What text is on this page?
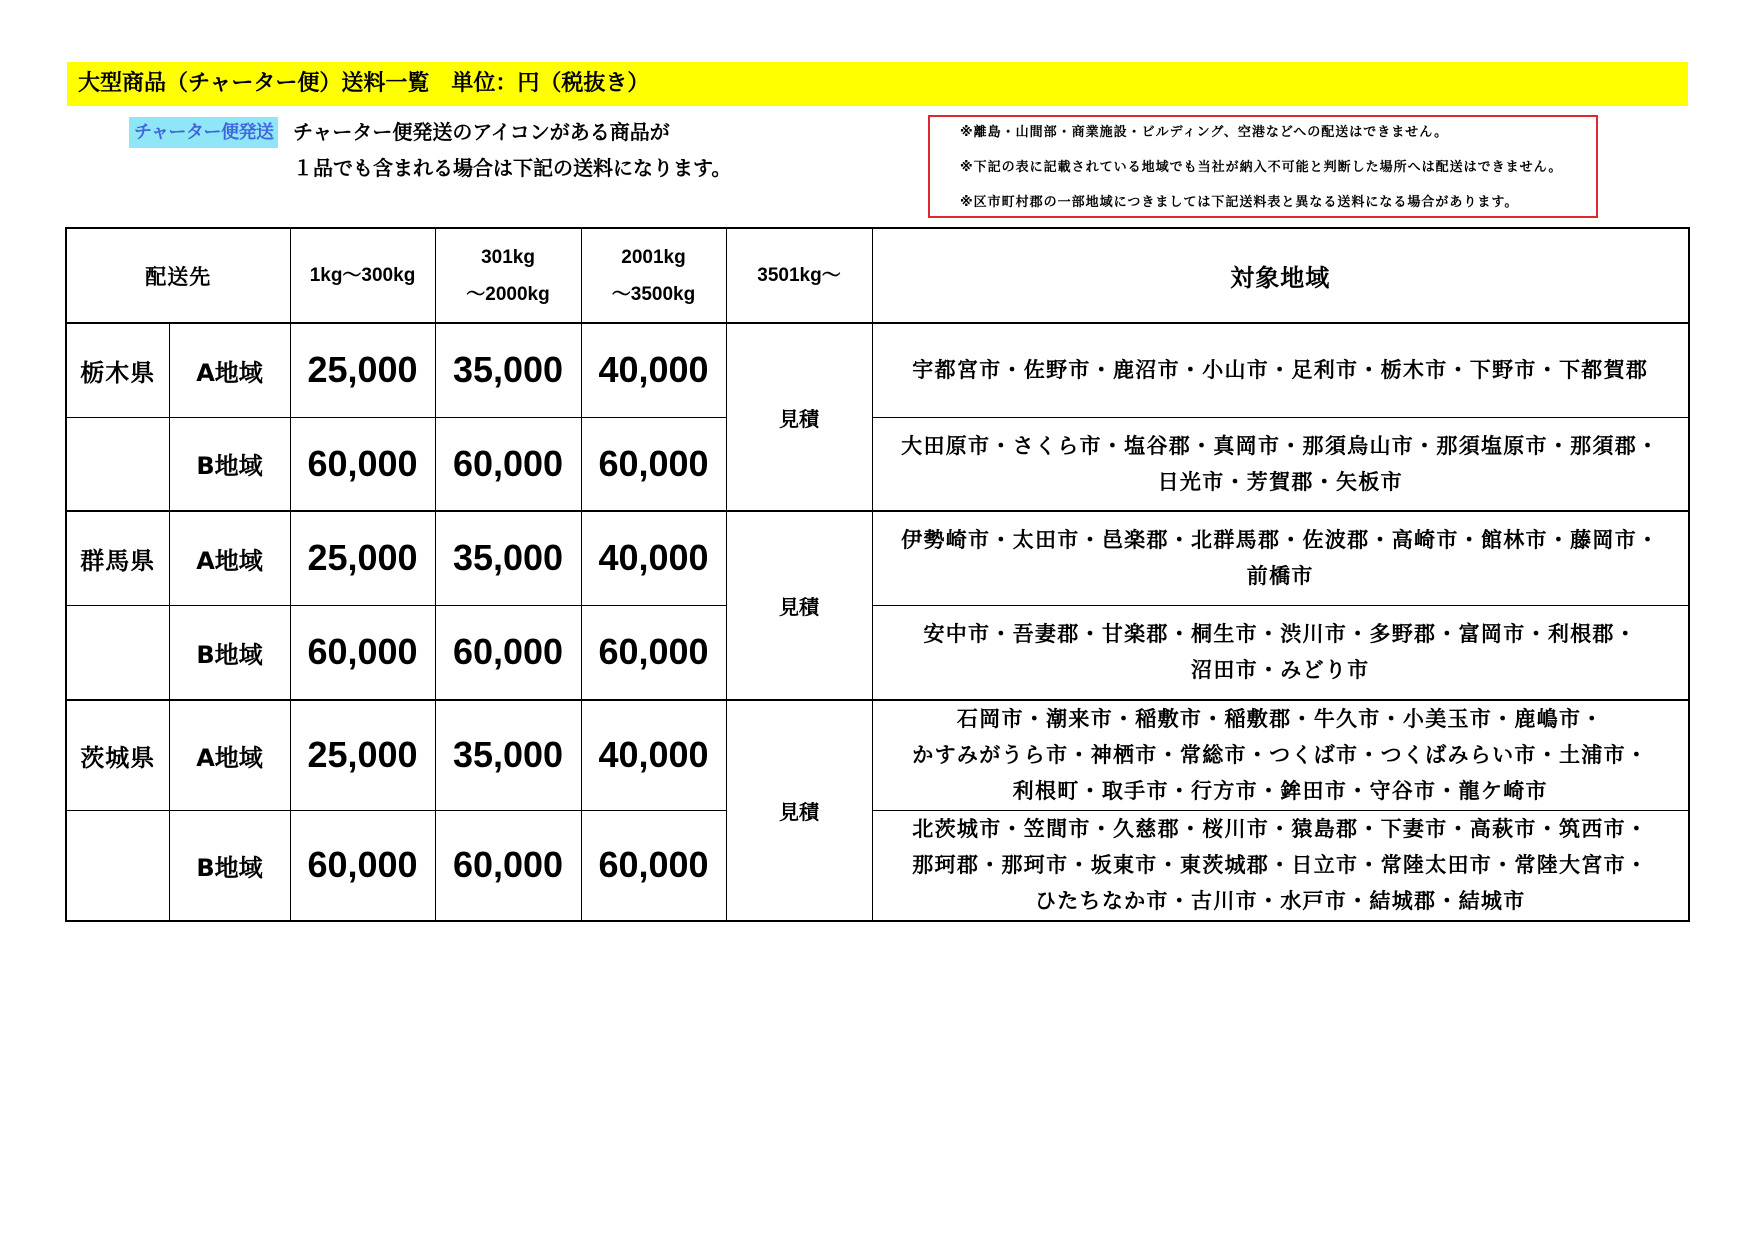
大型商品（チャーター便）送料一覧　単位：円（税抜き）
チャーター便発送 チャーター便発送のアイコンがある商品が
１品でも含まれる場合は下記の送料になります。
※離島・山間部・商業施設・ビルディング、空港などへの配送はできません。
※下記の表に記載されている地域でも当社が納入不可能と判断した場所へは配送はできません。
※区市町村郡の一部地域につきましては下記送料表と異なる送料になる場合があります。
配送先		1kg～300kg	301kg
～2000kg	2001kg
～3500kg	3501kg～	対象地域
栃木県	A地域	25,000	35,000	40,000	見積	宇都宮市・佐野市・鹿沼市・小山市・足利市・栃木市・下野市・下都賀郡

	B地域	60,000	60,000	60,000		大田原市・さくら市・塩谷郡・真岡市・那須烏山市・那須塩原市・那須郡・
日光市・芳賀郡・矢板市

群馬県	A地域	25,000	35,000	40,000	見積	伊勢崎市・太田市・邑楽郡・北群馬郡・佐波郡・高崎市・館林市・藤岡市・
前橋市

	B地域	60,000	60,000	60,000		安中市・吾妻郡・甘楽郡・桐生市・渋川市・多野郡・富岡市・利根郡・
沼田市・みどり市

茨城県	A地域	25,000	35,000	40,000	見積	石岡市・潮来市・稲敷市・稲敷郡・牛久市・小美玉市・鹿嶋市・
かすみがうら市・神栖市・常総市・つくば市・つくばみらい市・土浦市・
利根町・取手市・行方市・鉾田市・守谷市・龍ケ崎市

	B地域	60,000	60,000	60,000		北茨城市・笠間市・久慈郡・桜川市・猿島郡・下妻市・高萩市・筑西市・
那珂郡・那珂市・坂東市・東茨城郡・日立市・常陸太田市・常陸大宮市・
ひたちなか市・古川市・水戸市・結城郡・結城市
